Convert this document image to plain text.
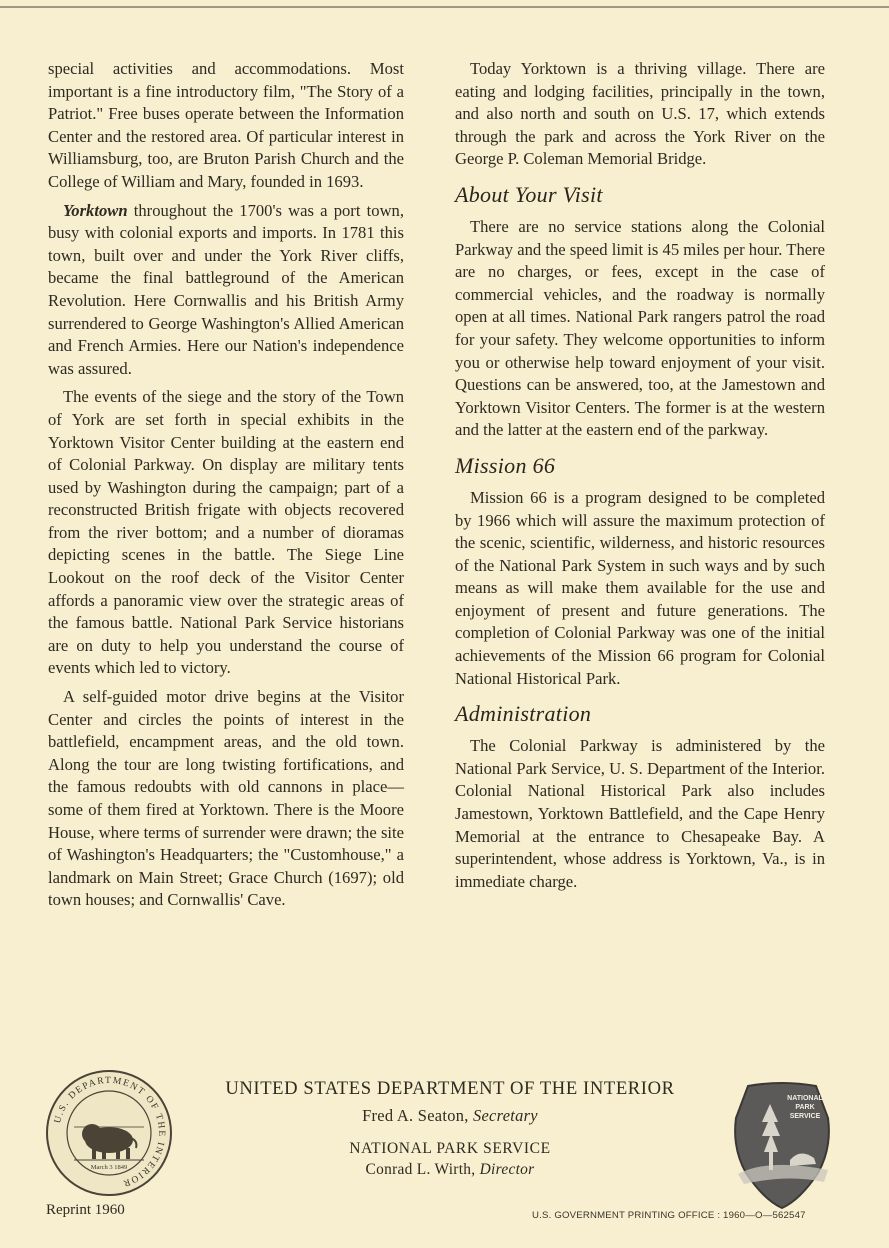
special activities and accommodations. Most important is a fine introductory film, "The Story of a Patriot." Free buses operate between the Information Center and the restored area. Of particular interest in Williamsburg, too, are Bruton Parish Church and the College of William and Mary, founded in 1693.

Yorktown throughout the 1700's was a port town, busy with colonial exports and imports. In 1781 this town, built over and under the York River cliffs, became the final battleground of the American Revolution. Here Cornwallis and his British Army surrendered to George Washington's Allied American and French Armies. Here our Nation's independence was assured.

The events of the siege and the story of the Town of York are set forth in special exhibits in the Yorktown Visitor Center building at the eastern end of Colonial Parkway. On display are military tents used by Washington during the campaign; part of a reconstructed British frigate with objects recovered from the river bottom; and a number of dioramas depicting scenes in the battle. The Siege Line Lookout on the roof deck of the Visitor Center affords a panoramic view over the strategic areas of the famous battle. National Park Service historians are on duty to help you understand the course of events which led to victory.

A self-guided motor drive begins at the Visitor Center and circles the points of interest in the battlefield, encampment areas, and the old town. Along the tour are long twisting fortifications, and the famous redoubts with old cannons in place—some of them fired at Yorktown. There is the Moore House, where terms of surrender were drawn; the site of Washington's Headquarters; the "Customhouse," a landmark on Main Street; Grace Church (1697); old town houses; and Cornwallis' Cave.

Today Yorktown is a thriving village. There are eating and lodging facilities, principally in the town, and also north and south on U.S. 17, which extends through the park and across the York River on the George P. Coleman Memorial Bridge.

About Your Visit

There are no service stations along the Colonial Parkway and the speed limit is 45 miles per hour. There are no charges, or fees, except in the case of commercial vehicles, and the roadway is normally open at all times. National Park rangers patrol the road for your safety. They welcome opportunities to inform you or otherwise help toward enjoyment of your visit. Questions can be answered, too, at the Jamestown and Yorktown Visitor Centers. The former is at the western and the latter at the eastern end of the parkway.

Mission 66

Mission 66 is a program designed to be completed by 1966 which will assure the maximum protection of the scenic, scientific, wilderness, and historic resources of the National Park System in such ways and by such means as will make them available for the use and enjoyment of present and future generations. The completion of Colonial Parkway was one of the initial achievements of the Mission 66 program for Colonial National Historical Park.

Administration

The Colonial Parkway is administered by the National Park Service, U. S. Department of the Interior. Colonial National Historical Park also includes Jamestown, Yorktown Battlefield, and the Cape Henry Memorial at the entrance to Chesapeake Bay. A superintendent, whose address is Yorktown, Va., is in immediate charge.

U.S. DEPARTMENT OF THE INTERIOR
March 3 1849
UNITED STATES DEPARTMENT OF THE INTERIOR
Fred A. Seaton, Secretary
NATIONAL PARK SERVICE
Conrad L. Wirth, Director
NATIONAL
PARK
SERVICE
Reprint 1960	U.S. GOVERNMENT PRINTING OFFICE : 1960—O—562547
